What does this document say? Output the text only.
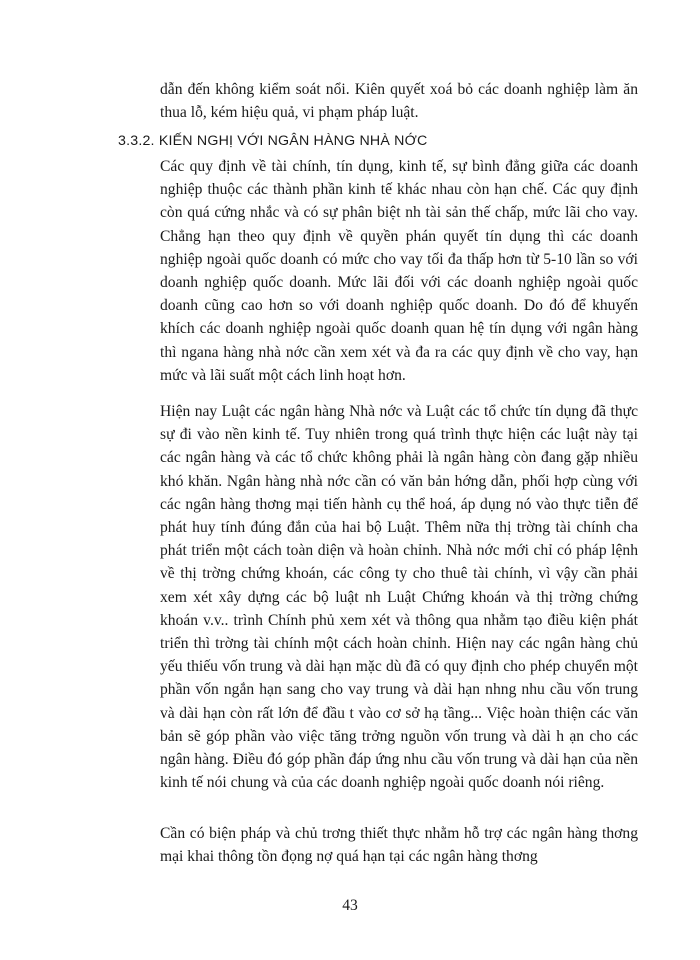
dẫn đến không kiểm soát nổi. Kiên quyết xoá bỏ các doanh nghiệp làm ăn thua lỗ, kém hiệu quả, vi phạm pháp luật.

3.3.2. KIẾN NGHỊ VỚI NGÂN HÀNG NHÀ NỚC

Các quy định về tài chính, tín dụng, kinh tế, sự bình đẳng giữa các doanh nghiệp thuộc các thành phần kinh tế khác nhau còn hạn chế. Các quy định còn quá cứng nhắc và có sự phân biệt nh tài sản thế chấp, mức lãi cho vay. Chẳng hạn theo quy định về quyền phán quyết tín dụng thì các doanh nghiệp ngoài quốc doanh có mức cho vay tối đa thấp hơn từ 5-10 lần so với doanh nghiệp quốc doanh. Mức lãi đối với các doanh nghiệp ngoài quốc doanh cũng cao hơn so với doanh nghiệp quốc doanh. Do đó để khuyến khích các doanh nghiệp ngoài quốc doanh quan hệ tín dụng với ngân hàng thì ngana hàng nhà nớc cần xem xét và đa ra các quy định về cho vay, hạn mức và lãi suất một cách linh hoạt hơn.

Hiện nay Luật các ngân hàng Nhà nớc và Luật các tổ chức tín dụng đã thực sự đi vào nền kinh tế. Tuy nhiên trong quá trình thực hiện các luật này tại các ngân hàng và các tổ chức không phải là ngân hàng còn đang gặp nhiều khó khăn. Ngân hàng nhà nớc cần có văn bản hớng dẫn, phối hợp cùng với các ngân hàng thơng mại tiến hành cụ thể hoá, áp dụng nó vào thực tiễn để phát huy tính đúng đắn của hai bộ Luật. Thêm nữa thị trờng tài chính cha phát triển một cách toàn diện và hoàn chỉnh. Nhà nớc mới chỉ có pháp lệnh về thị trờng chứng khoán, các công ty cho thuê tài chính, vì vậy cần phải xem xét xây dựng các bộ luật nh Luật Chứng khoán và thị trờng chứng khoán v.v.. trình Chính phủ xem xét và thông qua nhằm tạo điều kiện phát triển thì trờng tài chính một cách hoàn chỉnh. Hiện nay các ngân hàng chủ yếu thiếu vốn trung và dài hạn mặc dù đã có quy định cho phép chuyển một phần vốn ngắn hạn sang cho vay trung và dài hạn nhng nhu cầu vốn trung và dài hạn còn rất lớn để đầu t vào cơ sở hạ tầng... Việc hoàn thiện các văn bản sẽ góp phần vào việc tăng trởng nguồn vốn trung và dài h ạn cho các ngân hàng. Điều đó góp phần đáp ứng nhu cầu vốn trung và dài hạn của nền kinh tế nói chung và của các doanh nghiệp ngoài quốc doanh nói riêng.

Cần có biện pháp và chủ trơng thiết thực nhằm hỗ trợ các ngân hàng thơng mại khai thông tồn đọng nợ quá hạn tại các ngân hàng thơng

43
